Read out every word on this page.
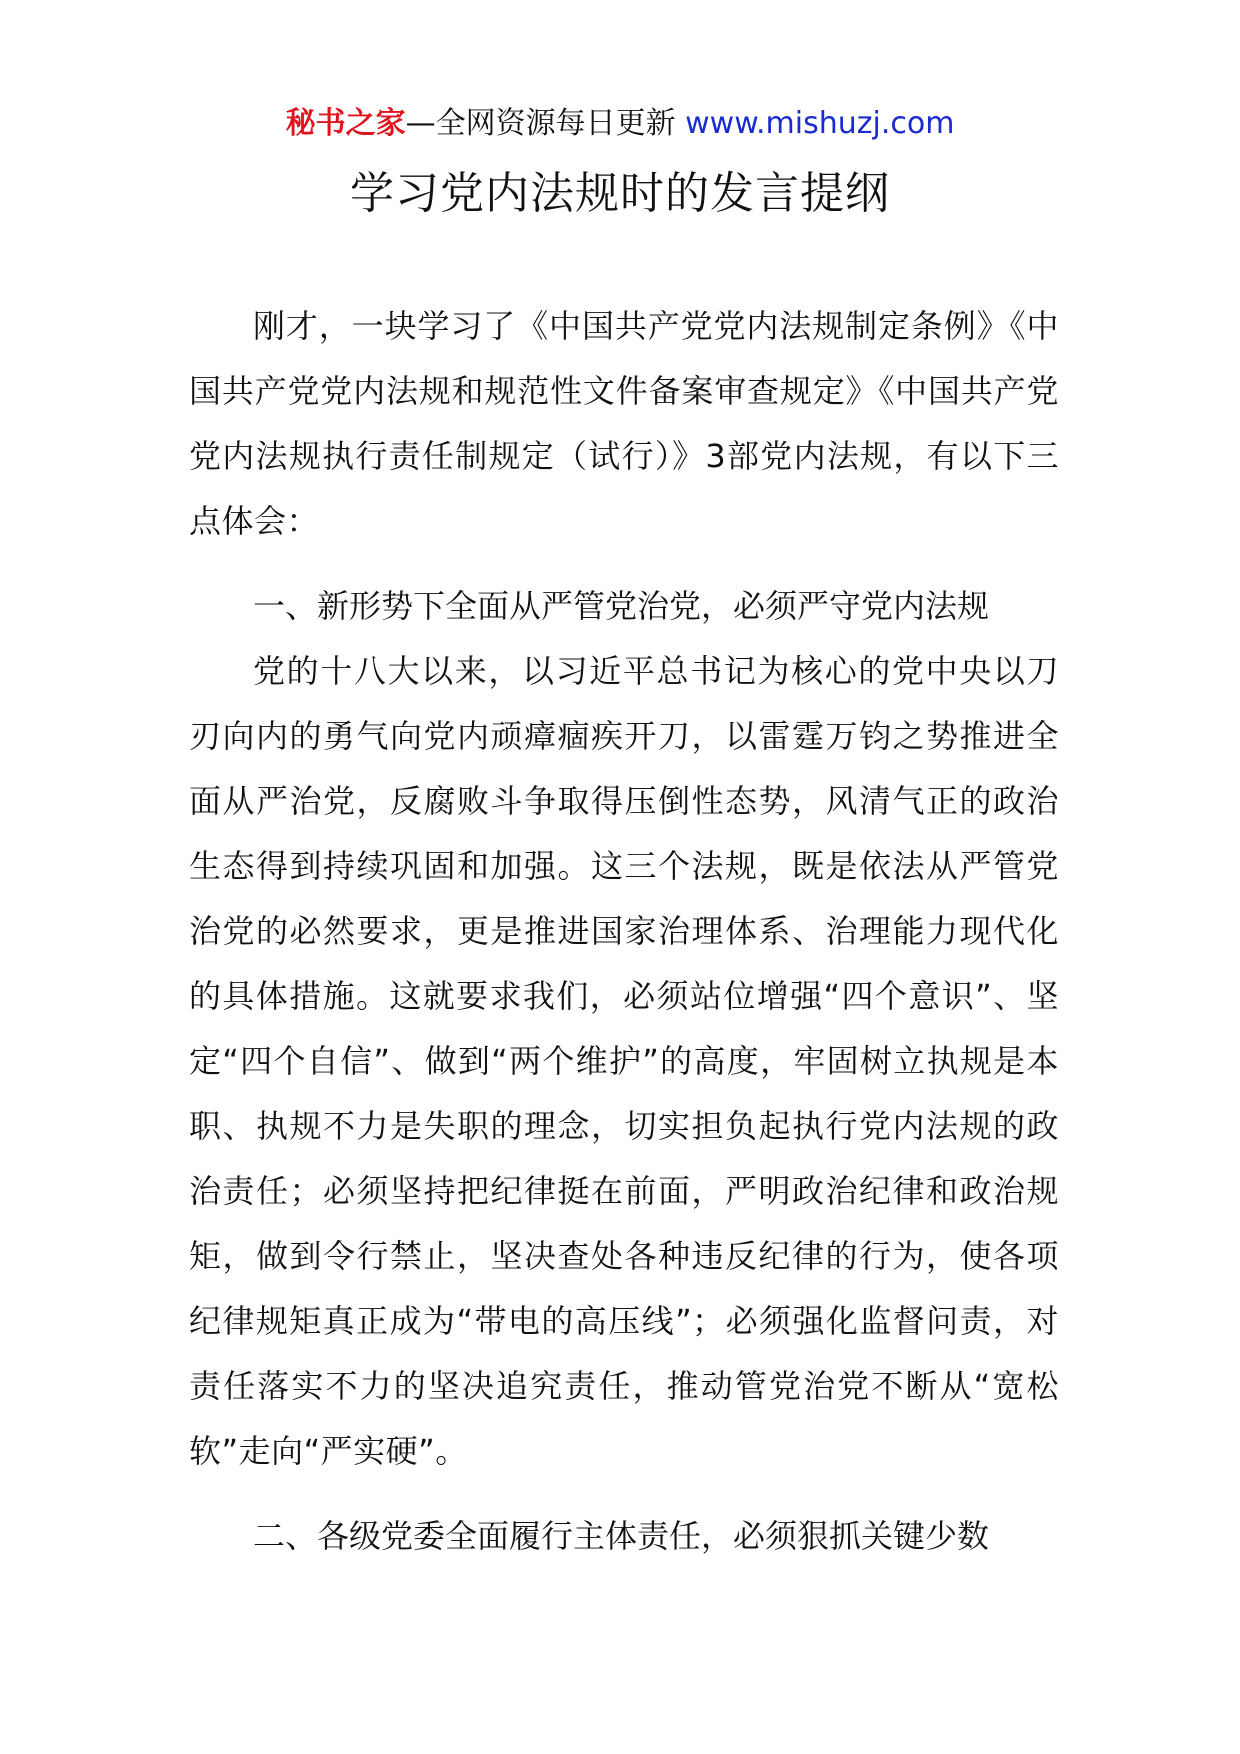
秘书之家—全网资源每日更新 www.mishuzj.com
学习党内法规时的发言提纲

刚才，一块学习了《中国共产党党内法规制定条例》《中国共产党党内法规和规范性文件备案审查规定》《中国共产党党内法规执行责任制规定（试行）》3部党内法规，有以下三点体会：

一、新形势下全面从严管党治党，必须严守党内法规

党的十八大以来，以习近平总书记为核心的党中央以刀刃向内的勇气向党内顽瘴痼疾开刀，以雷霆万钧之势推进全面从严治党，反腐败斗争取得压倒性态势，风清气正的政治生态得到持续巩固和加强。这三个法规，既是依法从严管党治党的必然要求，更是推进国家治理体系、治理能力现代化的具体措施。这就要求我们，必须站位增强“四个意识”、坚定“四个自信”、做到“两个维护”的高度，牢固树立执规是本职、执规不力是失职的理念，切实担负起执行党内法规的政治责任；必须坚持把纪律挺在前面，严明政治纪律和政治规矩，做到令行禁止，坚决查处各种违反纪律的行为，使各项纪律规矩真正成为“带电的高压线”；必须强化监督问责，对责任落实不力的坚决追究责任，推动管党治党不断从“宽松软”走向“严实硬”。

二、各级党委全面履行主体责任，必须狠抓关键少数
